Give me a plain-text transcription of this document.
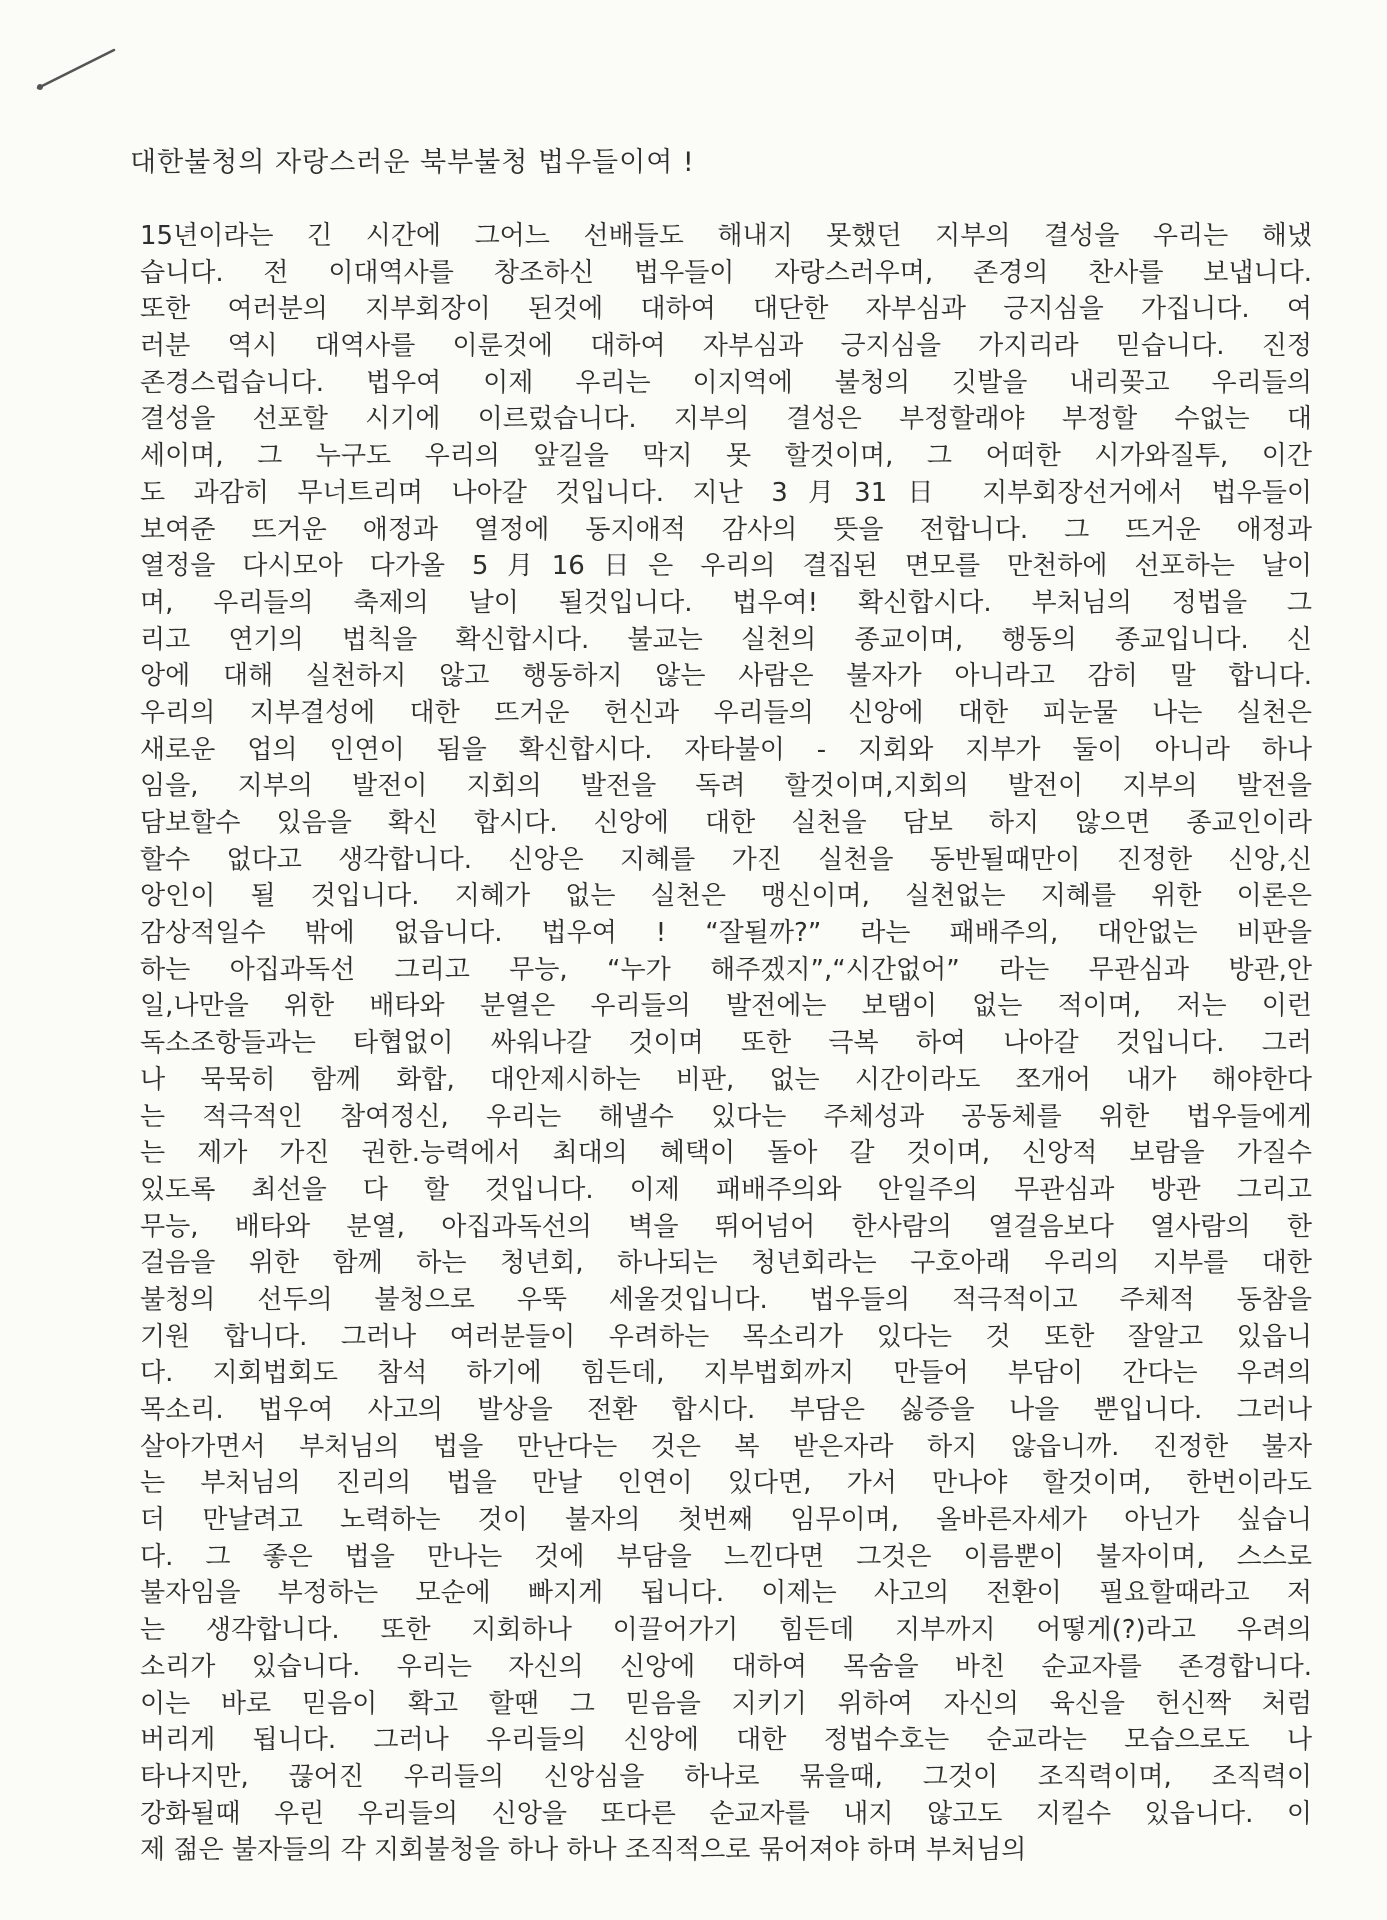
대한불청의 자랑스러운 북부불청 법우들이여 !
15년이라는 긴 시간에 그어느 선배들도 해내지 못했던 지부의 결성을 우리는 해냈
습니다. 전 이대역사를 창조하신 법우들이 자랑스러우며, 존경의 찬사를 보냅니다.
또한 여러분의 지부회장이 된것에 대하여 대단한 자부심과 긍지심을 가집니다. 여
러분 역시 대역사를 이룬것에 대하여 자부심과 긍지심을 가지리라 믿습니다. 진정
존경스럽습니다. 법우여 이제 우리는 이지역에 불청의 깃발을 내리꽂고 우리들의
결성을 선포할 시기에 이르렀습니다. 지부의 결성은 부정할래야 부정할 수없는 대
세이며, 그 누구도 우리의 앞길을 막지 못 할것이며, 그 어떠한 시가와질투, 이간
도 과감히 무너트리며 나아갈 것입니다. 지난 3月31日 지부회장선거에서 법우들이
보여준 뜨거운 애정과 열정에 동지애적 감사의 뜻을 전합니다. 그 뜨거운 애정과
열정을 다시모아 다가올 5月16日은 우리의 결집된 면모를 만천하에 선포하는 날이
며, 우리들의 축제의 날이 될것입니다. 법우여! 확신합시다. 부처님의 정법을 그
리고 연기의 법칙을 확신합시다. 불교는 실천의 종교이며, 행동의 종교입니다. 신
앙에 대해 실천하지 않고 행동하지 않는 사람은 불자가 아니라고 감히 말 합니다.
우리의 지부결성에 대한 뜨거운 헌신과 우리들의 신앙에 대한 피눈물 나는 실천은
새로운 업의 인연이 됨을 확신합시다. 자타불이 - 지회와 지부가 둘이 아니라 하나
임을, 지부의 발전이 지회의 발전을 독려 할것이며,지회의 발전이 지부의 발전을
담보할수 있음을 확신 합시다. 신앙에 대한 실천을 담보 하지 않으면 종교인이라
할수 없다고 생각합니다. 신앙은 지혜를 가진 실천을 동반될때만이 진정한 신앙,신
앙인이 될 것입니다. 지혜가 없는 실천은 맹신이며, 실천없는 지혜를 위한 이론은
감상적일수 밖에 없읍니다. 법우여 ! “잘될까?” 라는 패배주의, 대안없는 비판을
하는 아집과독선 그리고 무능, “누가 해주겠지”,“시간없어” 라는 무관심과 방관,안
일,나만을 위한 배타와 분열은 우리들의 발전에는 보탬이 없는 적이며, 저는 이런
독소조항들과는 타협없이 싸워나갈 것이며 또한 극복 하여 나아갈 것입니다. 그러
나 묵묵히 함께 화합, 대안제시하는 비판, 없는 시간이라도 쪼개어 내가 해야한다
는 적극적인 참여정신, 우리는 해낼수 있다는 주체성과 공동체를 위한 법우들에게
는 제가 가진 권한.능력에서 최대의 혜택이 돌아 갈 것이며, 신앙적 보람을 가질수
있도록 최선을 다 할 것입니다. 이제 패배주의와 안일주의 무관심과 방관 그리고
무능, 배타와 분열, 아집과독선의 벽을 뛰어넘어 한사람의 열걸음보다 열사람의 한
걸음을 위한 함께 하는 청년회, 하나되는 청년회라는 구호아래 우리의 지부를 대한
불청의 선두의 불청으로 우뚝 세울것입니다. 법우들의 적극적이고 주체적 동참을
기원 합니다. 그러나 여러분들이 우려하는 목소리가 있다는 것 또한 잘알고 있읍니
다. 지회법회도 참석 하기에 힘든데, 지부법회까지 만들어 부담이 간다는 우려의
목소리. 법우여 사고의 발상을 전환 합시다. 부담은 싫증을 나을 뿐입니다. 그러나
살아가면서 부처님의 법을 만난다는 것은 복 받은자라 하지 않읍니까. 진정한 불자
는 부처님의 진리의 법을 만날 인연이 있다면, 가서 만나야 할것이며, 한번이라도
더 만날려고 노력하는 것이 불자의 첫번째 임무이며, 올바른자세가 아닌가 싶습니
다. 그 좋은 법을 만나는 것에 부담을 느낀다면 그것은 이름뿐이 불자이며, 스스로
불자임을 부정하는 모순에 빠지게 됩니다. 이제는 사고의 전환이 필요할때라고 저
는 생각합니다. 또한 지회하나 이끌어가기 힘든데 지부까지 어떻게(?)라고 우려의
소리가 있습니다. 우리는 자신의 신앙에 대하여 목숨을 바친 순교자를 존경합니다.
이는 바로 믿음이 확고 할땐 그 믿음을 지키기 위하여 자신의 육신을 헌신짝 처럼
버리게 됩니다. 그러나 우리들의 신앙에 대한 정법수호는 순교라는 모습으로도 나
타나지만, 끊어진 우리들의 신앙심을 하나로 묶을때, 그것이 조직력이며, 조직력이
강화될때 우린 우리들의 신앙을 또다른 순교자를 내지 않고도 지킬수 있읍니다. 이
제 젊은 불자들의 각 지회불청을 하나 하나 조직적으로 묶어져야 하며 부처님의
